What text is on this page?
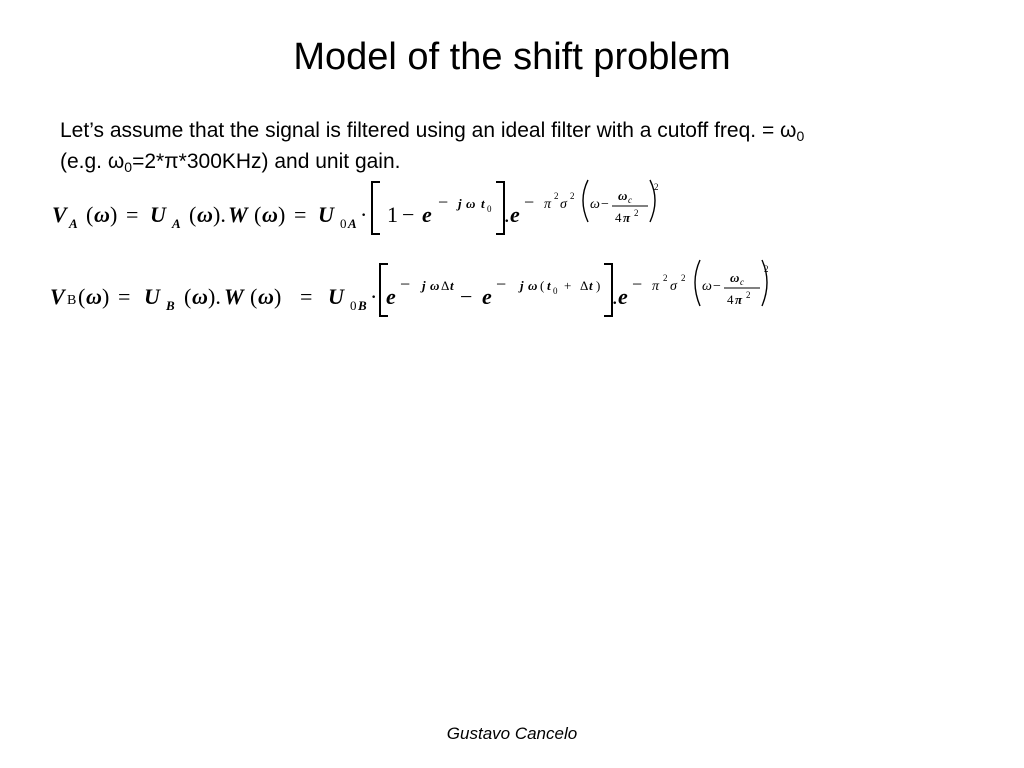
Model of the shift problem
Let’s assume that the signal is filtered using an ideal filter with a cutoff freq. = $\omega_0$
(e.g. $\omega_0=2*\pi*300KHz$) and unit gain.
V A ( ω ) = U A ( ω ). W ( ω ) = U 0 A · 1 − e − j ω t 0 . e − π
2
σ
2
ω −
ω c
4 π 2
2
V B ( ω ) = U B ( ω ). W ( ω ) = U 0 B · e − j ω Δ t − e − j ω ( t 0 + Δ t ) . e − π
2
σ
2
ω −
ω c
4 π 2
2
Gustavo Cancelo
